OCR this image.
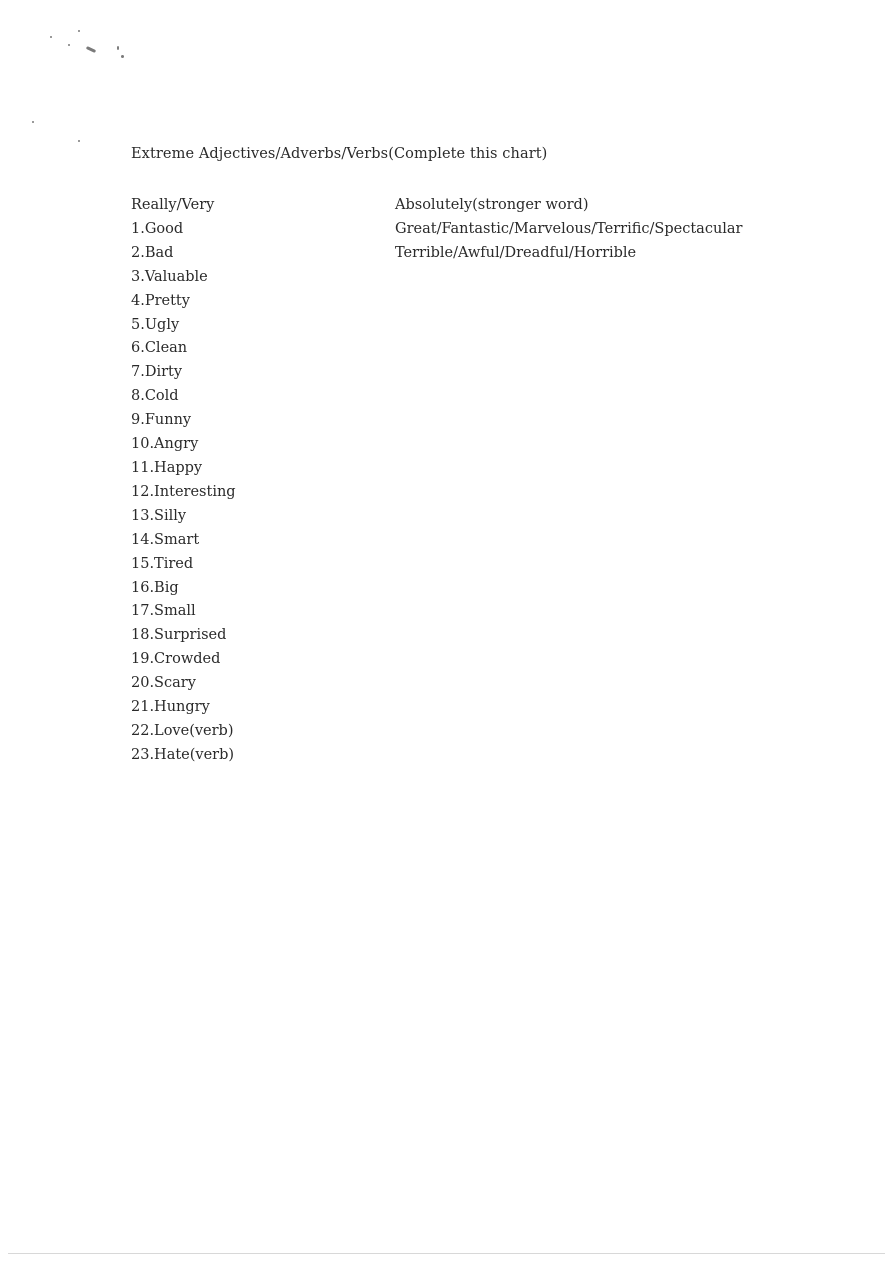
Extreme Adjectives/Adverbs/Verbs(Complete this chart)
Really/Very
1.Good
2.Bad
3.Valuable
4.Pretty
5.Ugly
6.Clean
7.Dirty
8.Cold
9.Funny
10.Angry
11.Happy
12.Interesting
13.Silly
14.Smart
15.Tired
16.Big
17.Small
18.Surprised
19.Crowded
20.Scary
21.Hungry
22.Love(verb)
23.Hate(verb)
Absolutely(stronger word)
Great/Fantastic/Marvelous/Terrific/Spectacular
Terrible/Awful/Dreadful/Horrible
